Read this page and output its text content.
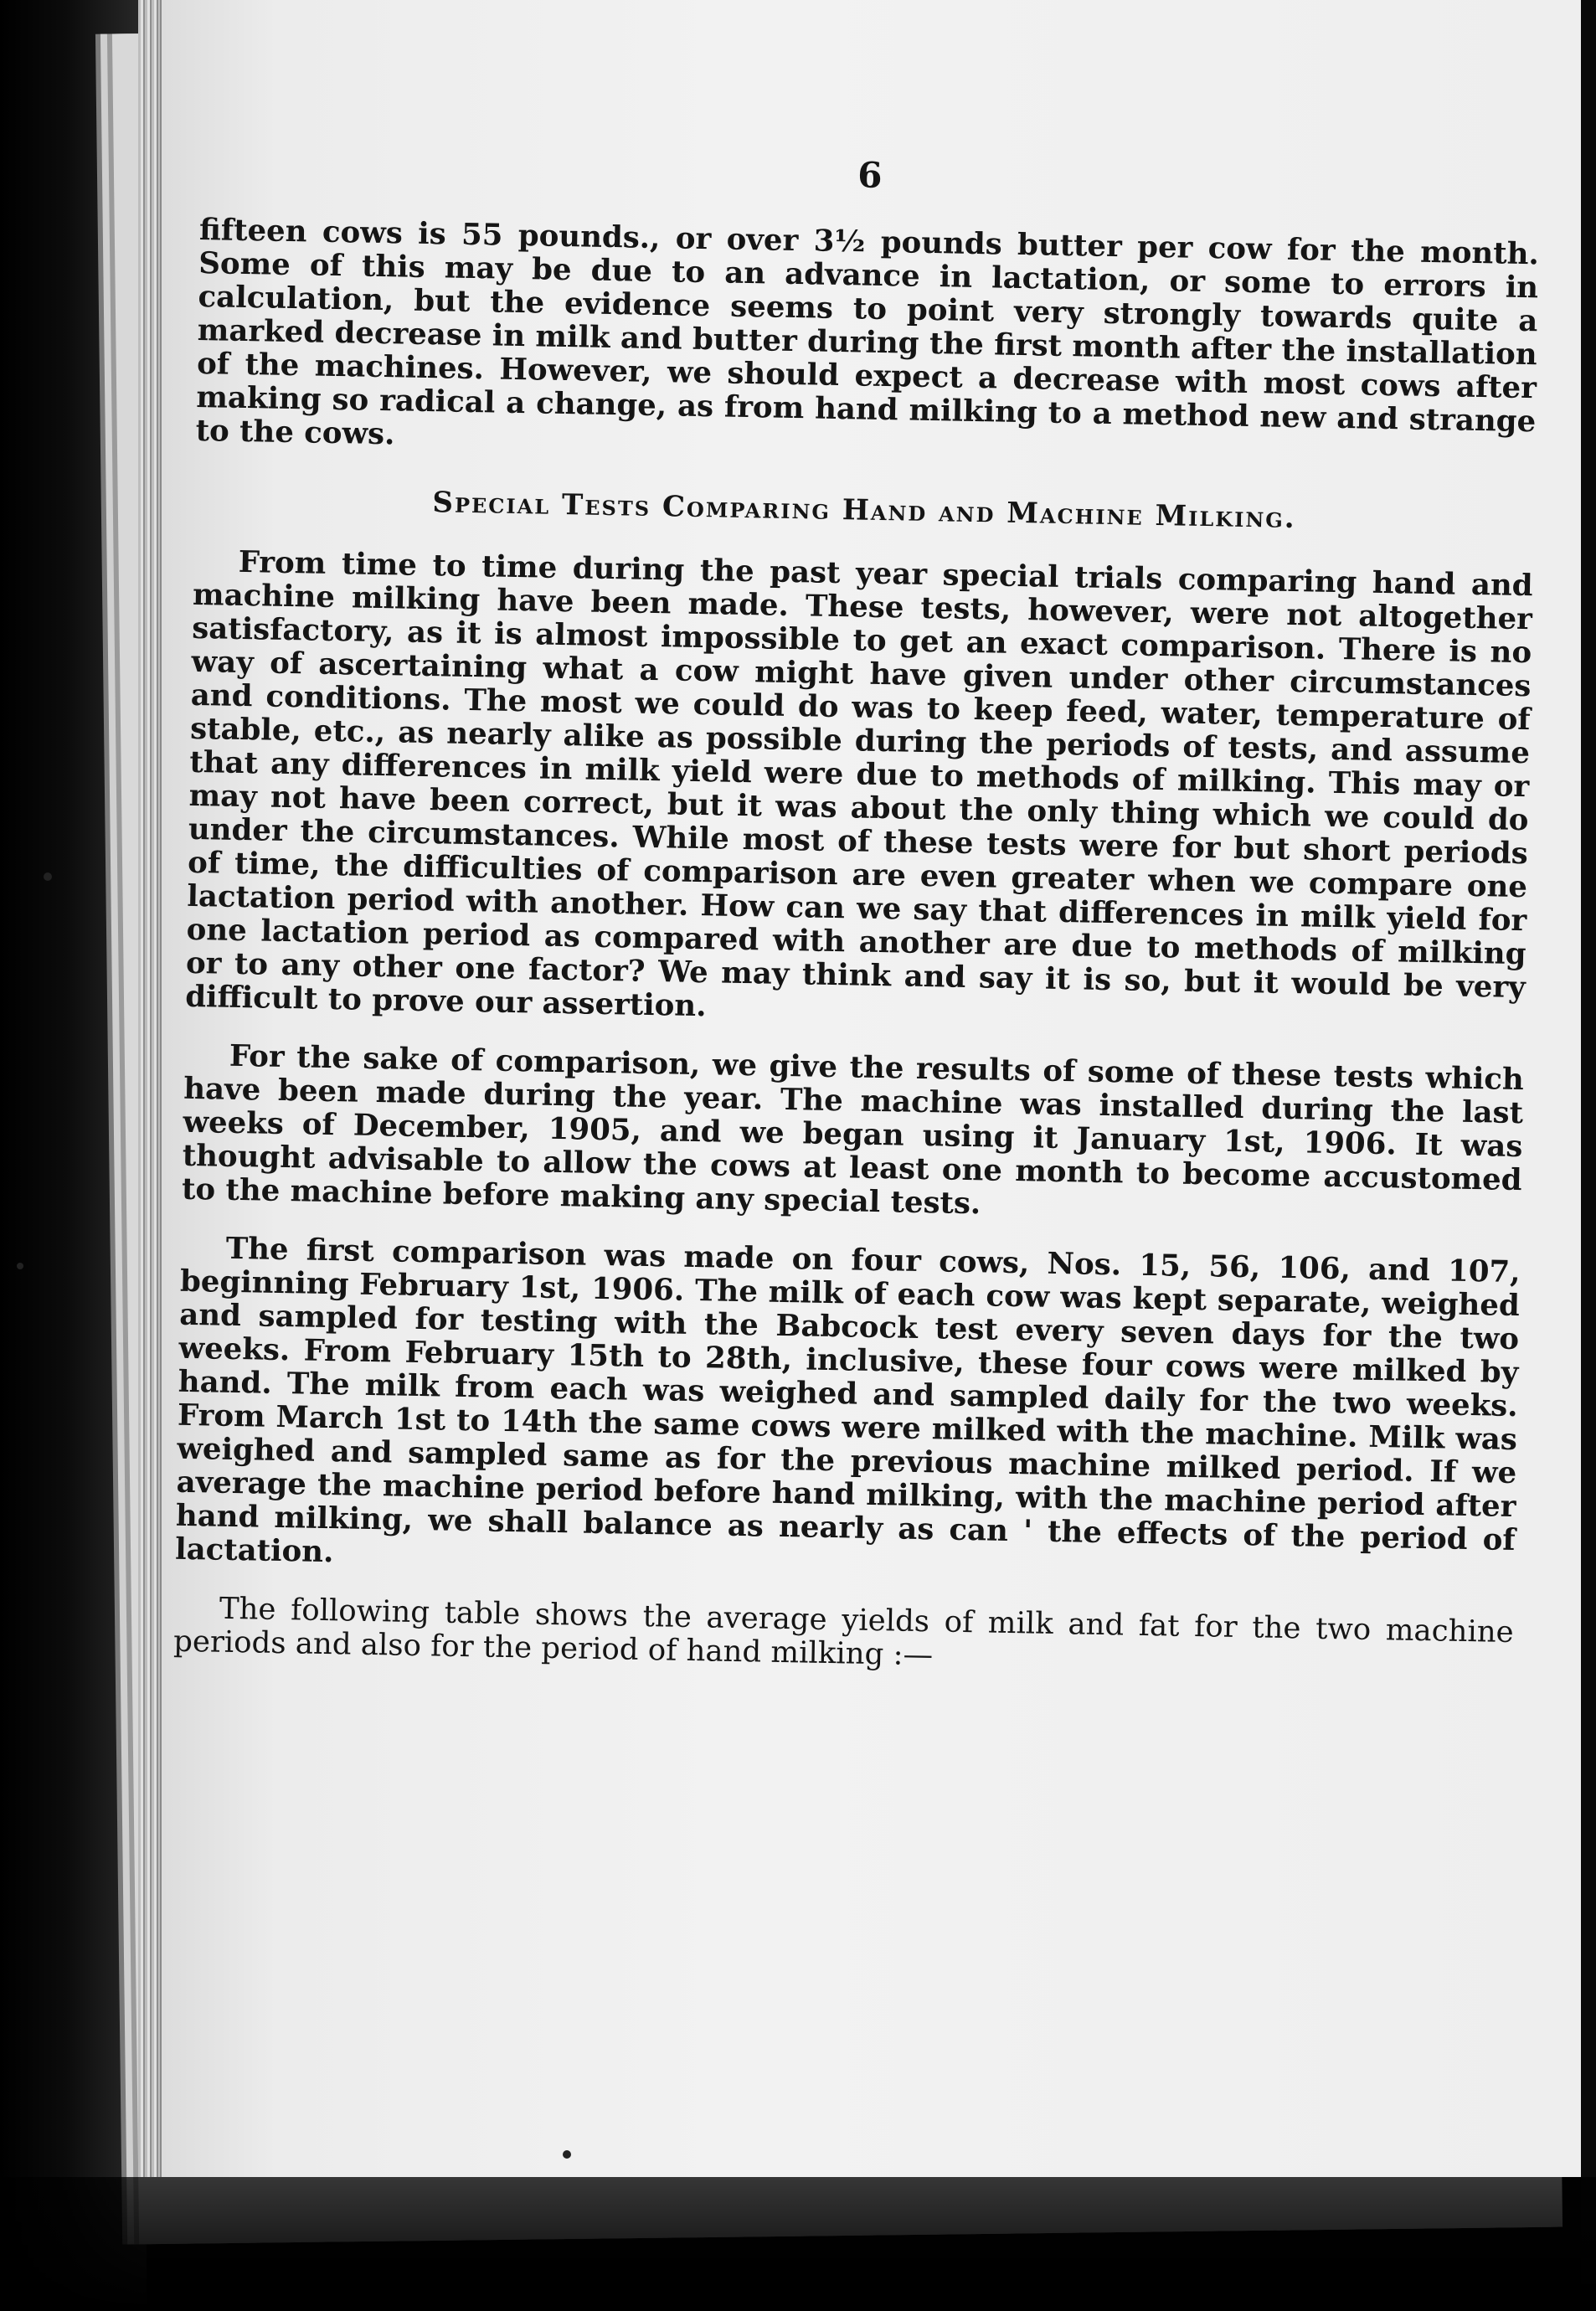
6

fifteen cows is 55 pounds., or over 3½ pounds butter per cow for the month. Some of this may be due to an advance in lactation, or some to errors in calculation, but the evidence seems to point very strongly towards quite a marked decrease in milk and butter during the first month after the installation of the machines. However, we should expect a decrease with most cows after making so radical a change, as from hand milking to a method new and strange to the cows.

Special Tests Comparing Hand and Machine Milking.

From time to time during the past year special trials comparing hand and machine milking have been made. These tests, however, were not altogether satisfactory, as it is almost impossible to get an exact comparison. There is no way of ascertaining what a cow might have given under other circumstances and conditions. The most we could do was to keep feed, water, temperature of stable, etc., as nearly alike as possible during the periods of tests, and assume that any differences in milk yield were due to methods of milking. This may or may not have been correct, but it was about the only thing which we could do under the circumstances. While most of these tests were for but short periods of time, the difficulties of comparison are even greater when we compare one lactation period with another. How can we say that differences in milk yield for one lactation period as compared with another are due to methods of milking or to any other one factor? We may think and say it is so, but it would be very difficult to prove our assertion.

For the sake of comparison, we give the results of some of these tests which have been made during the year. The machine was installed during the last weeks of December, 1905, and we began using it January 1st, 1906. It was thought advisable to allow the cows at least one month to become accustomed to the machine before making any special tests.

The first comparison was made on four cows, Nos. 15, 56, 106, and 107, beginning February 1st, 1906. The milk of each cow was kept separate, weighed and sampled for testing with the Babcock test every seven days for the two weeks. From February 15th to 28th, inclusive, these four cows were milked by hand. The milk from each was weighed and sampled daily for the two weeks. From March 1st to 14th the same cows were milked with the machine. Milk was weighed and sampled same as for the previous machine milked period. If we average the machine period before hand milking, with the machine period after hand milking, we shall balance as nearly as can ' the effects of the period of lactation.

The following table shows the average yields of milk and fat for the two machine periods and also for the period of hand milking :—
